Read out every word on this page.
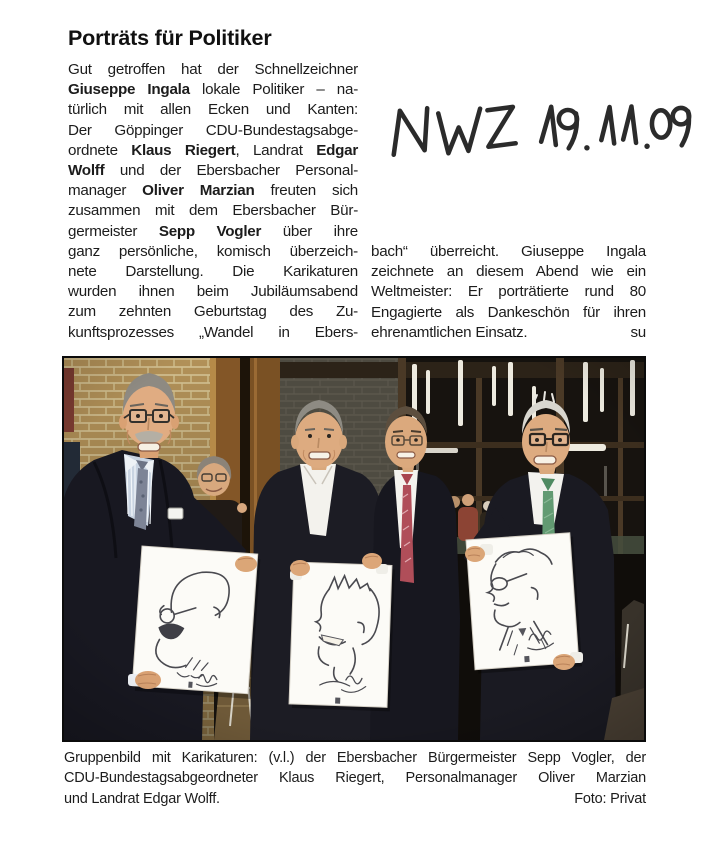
Porträts für Politiker
Gut getroffen hat der Schnellzeichner
Giuseppe Ingala lokale Politiker – na-
türlich mit allen Ecken und Kanten:
Der Göppinger CDU-Bundestagsabge-
ordnete Klaus Riegert, Landrat Edgar
Wolff und der Ebersbacher Personal-
manager Oliver Marzian freuten sich
zusammen mit dem Ebersbacher Bür-
germeister Sepp Vogler über ihre
ganz persönliche, komisch überzeich-
nete Darstellung. Die Karikaturen
wurden ihnen beim Jubiläumsabend
zum zehnten Geburtstag des Zu-
kunftsprozesses „Wandel in Ebers-
bach“ überreicht. Giuseppe Ingala
zeichnete an diesem Abend wie ein
Weltmeister: Er porträtierte rund 80
Engagierte als Dankeschön für ihren
ehrenamtlichen Einsatz.	su
Gruppenbild mit Karikaturen: (v.l.) der Ebersbacher Bürgermeister Sepp Vogler, der
CDU-Bundestagsabgeordneter Klaus Riegert, Personalmanager Oliver Marzian
und Landrat Edgar Wolff.	Foto: Privat
